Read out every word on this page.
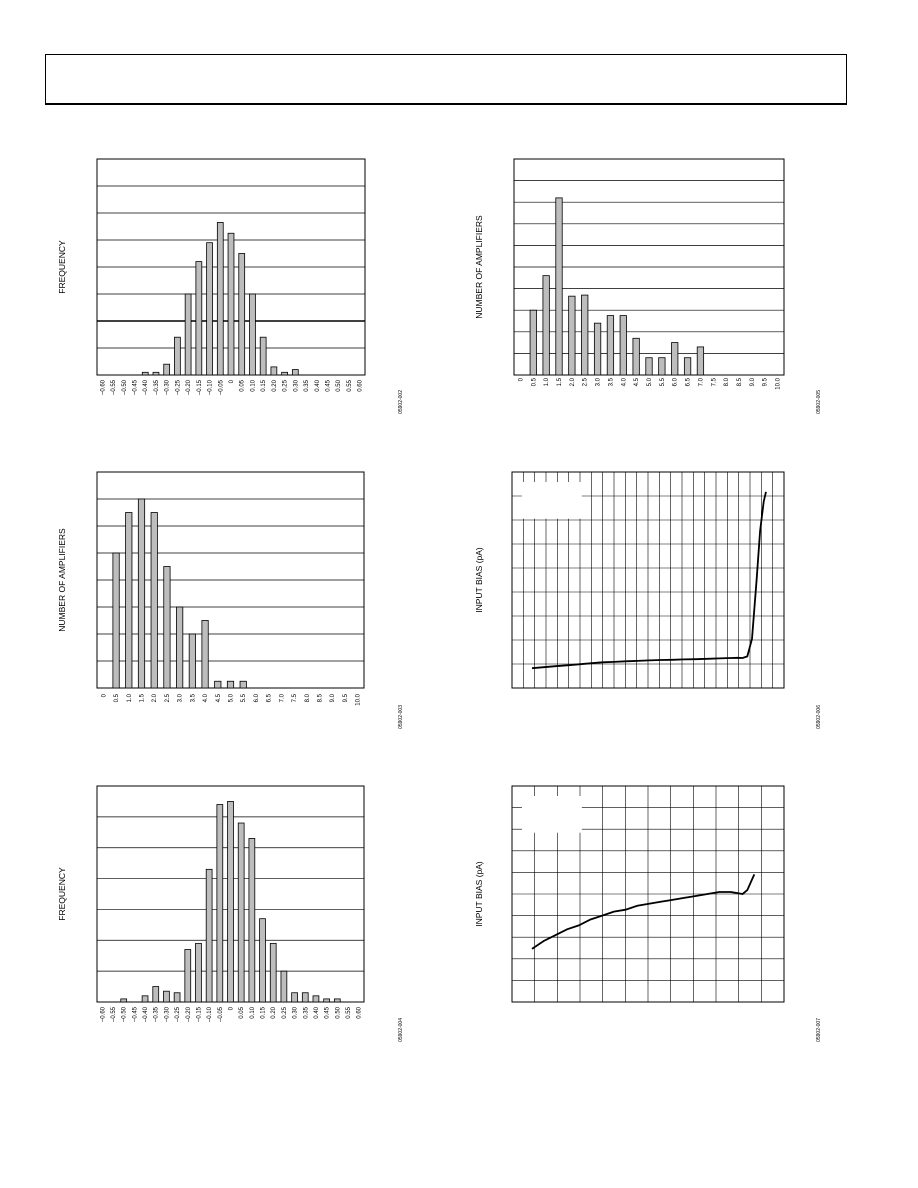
–0.60 –0.55 –0.50 –0.45 –0.40 –0.35 –0.30 –0.25 –0.20 –0.15 –0.10 –0.05 0 0.05 0.10 0.15 0.20 0.25 0.30 0.35 0.40 0.45 0.50 0.55 0.60
FREQUENCY
05902-002
0 0.5 1.0 1.5 2.0 2.5 3.0 3.5 4.0 4.5 5.0 5.5 6.0 6.5 7.0 7.5 8.0 8.5 9.0 9.5 10.0
NUMBER OF AMPLIFIERS
05902-005
0 0.5 1.0 1.5 2.0 2.5 3.0 3.5 4.0 4.5 5.0 5.5 6.0 6.5 7.0 7.5 8.0 8.5 9.0 9.5 10.0
NUMBER OF AMPLIFIERS
05902-003
INPUT BIAS (pA)
05902-006
–0.60 –0.55 –0.50 –0.45 –0.40 –0.35 –0.30 –0.25 –0.20 –0.15 –0.10 –0.05 0 0.05 0.10 0.15 0.20 0.25 0.30 0.35 0.40 0.45 0.50 0.55 0.60
FREQUENCY
05902-004
INPUT BIAS (pA)
05902-007
